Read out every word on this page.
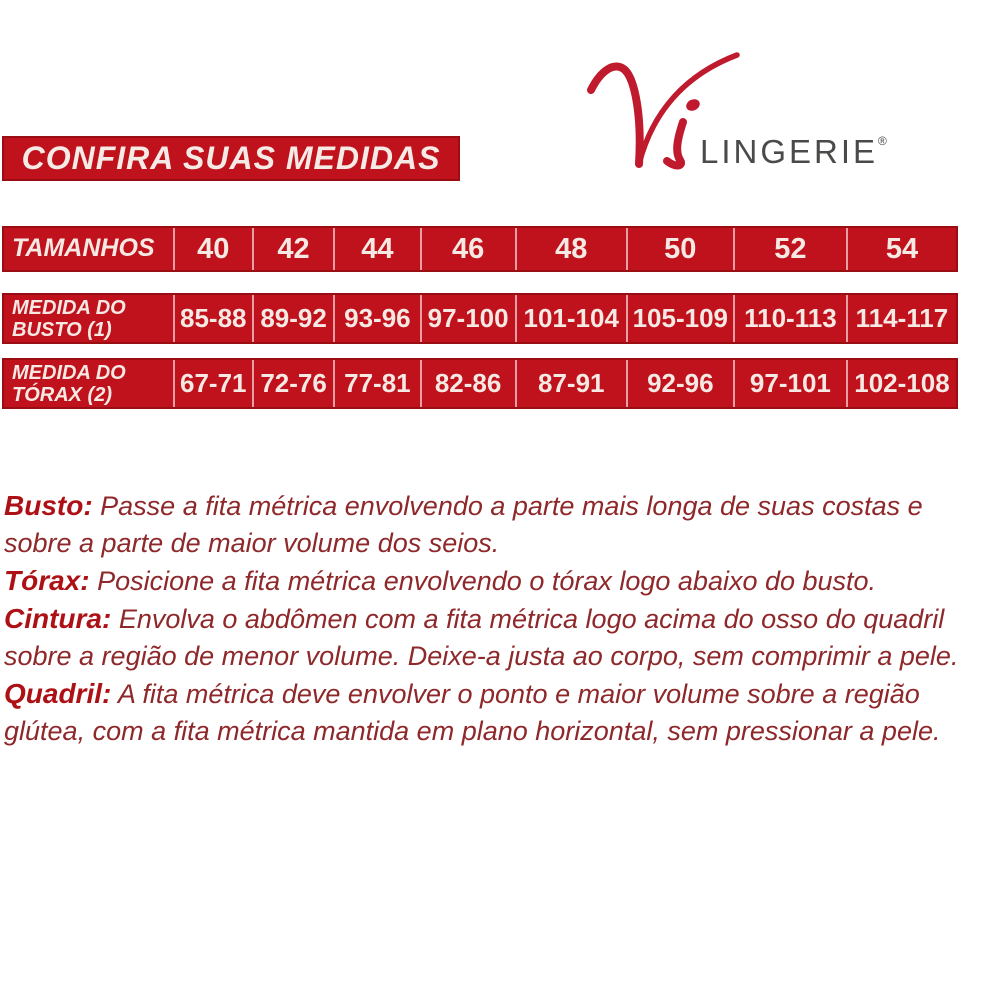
LINGERIE®
CONFIRA SUAS MEDIDAS
TAMANHOS	40	42	44	46	48	50	52	54
MEDIDA DO BUSTO (1)	85-88 89-92 93-96 97-100 101-104 105-109 110-113 114-117
MEDIDA DO TÓRAX (2)	67-71 72-76 77-81 82-86	87-91	92-96	97-101 102-108

Busto: Passe a fita métrica envolvendo a parte mais longa de suas costas e sobre a parte de maior volume dos seios.

Tórax: Posicione a fita métrica envolvendo o tórax logo abaixo do busto.

Cintura: Envolva o abdômen com a fita métrica logo acima do osso do quadril sobre a região de menor volume. Deixe-a justa ao corpo, sem comprimir a pele.

Quadril: A fita métrica deve envolver o ponto e maior volume sobre a região glútea, com a fita métrica mantida em plano horizontal, sem pressionar a pele.
